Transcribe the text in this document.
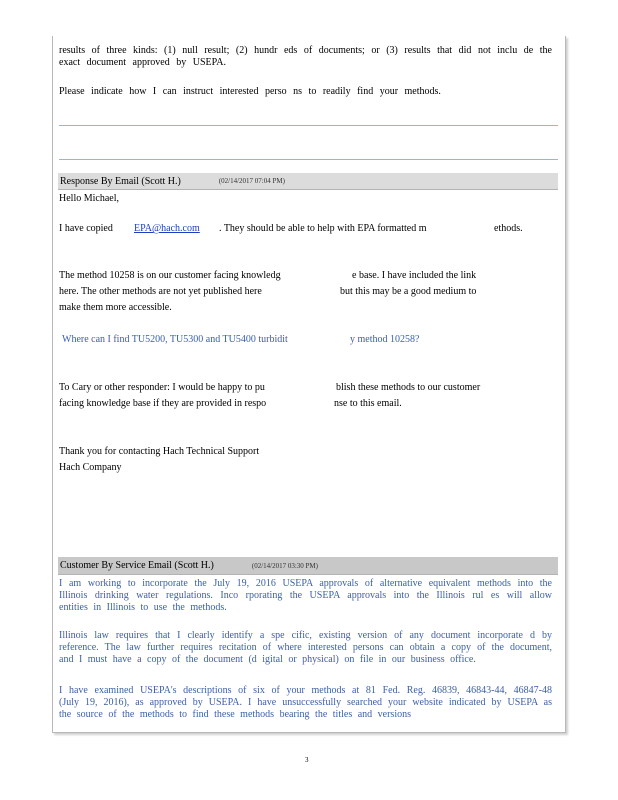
results of three kinds: (1) null result; (2) hundr eds of documents; or (3) results that did not inclu de the exact document approved by USEPA.
Please indicate how I can instruct interested perso ns to readily find your methods.
Response By Email (Scott H.)	(02/14/2017 07:04 PM)
Hello Michael,
I have copied EPA@hach.com	. They should be able to help with EPA formatted m	ethods.
The method 10258 is on our customer facing knowledg	e base. I have included the link
here. The other methods are not yet published here	but this may be a good medium to
make them more accessible.
Where can I find TU5200, TU5300 and TU5400 turbidit	y method 10258?
To Cary or other responder: I would be happy to pu	blish these methods to our customer
facing knowledge base if they are provided in respo	nse to this email.
Thank you for contacting Hach Technical Support
Hach Company
Customer By Service Email (Scott H.)	(02/14/2017 03:30 PM)
I am working to incorporate the July 19, 2016 USEPA approvals of alternative equivalent methods into the Illinois drinking water regulations. Inco rporating the USEPA approvals into the Illinois rul es will allow entities in Illinois to use the methods.
Illinois law requires that I clearly identify a spe cific, existing version of any document incorporate d by reference. The law further requires recitation of where interested persons can obtain a copy of the document, and I must have a copy of the document (d igital or physical) on file in our business office.
I have examined USEPA's descriptions of six of your methods at 81 Fed. Reg. 46839, 46843-44, 46847-48 (July 19, 2016), as approved by USEPA. I have unsuccessfully searched your website indicated by USEPA as the source of the methods to find these methods bearing the titles and versions
3
